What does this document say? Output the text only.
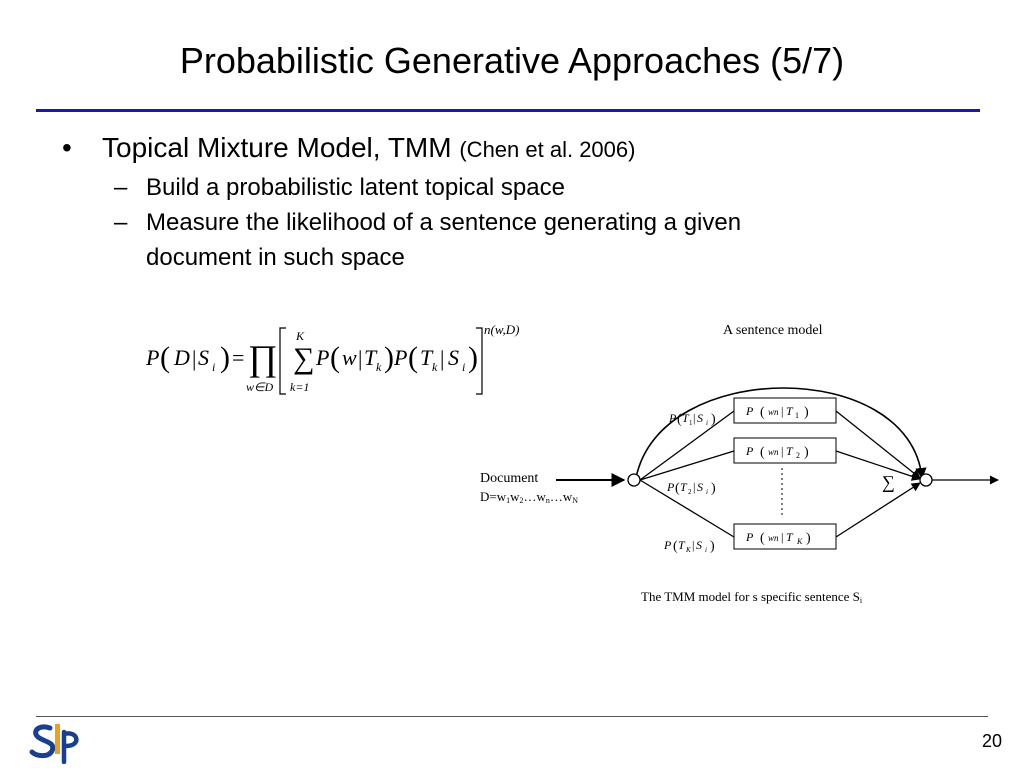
Probabilistic Generative Approaches (5/7)
• Topical Mixture Model, TMM (Chen et al. 2006)
– Build a probabilistic latent topical space
– Measure the likelihood of a sentence generating a given
document in such space
P D S i
( | ) = ∏
w∈D
∑
K
k=1
P w T k P T k S i
( | ) ( | )
n(w,D)	A sentence model
Document
D=w1w2…wn…wN
P wn T 1
P wn T 2
P wn T K
( | )
( | )
( | )
P T 1 S i
P T 2 S i
P T K S i
( | )
( | )
( | )
∑
The TMM model for s specific sentence Si
20
